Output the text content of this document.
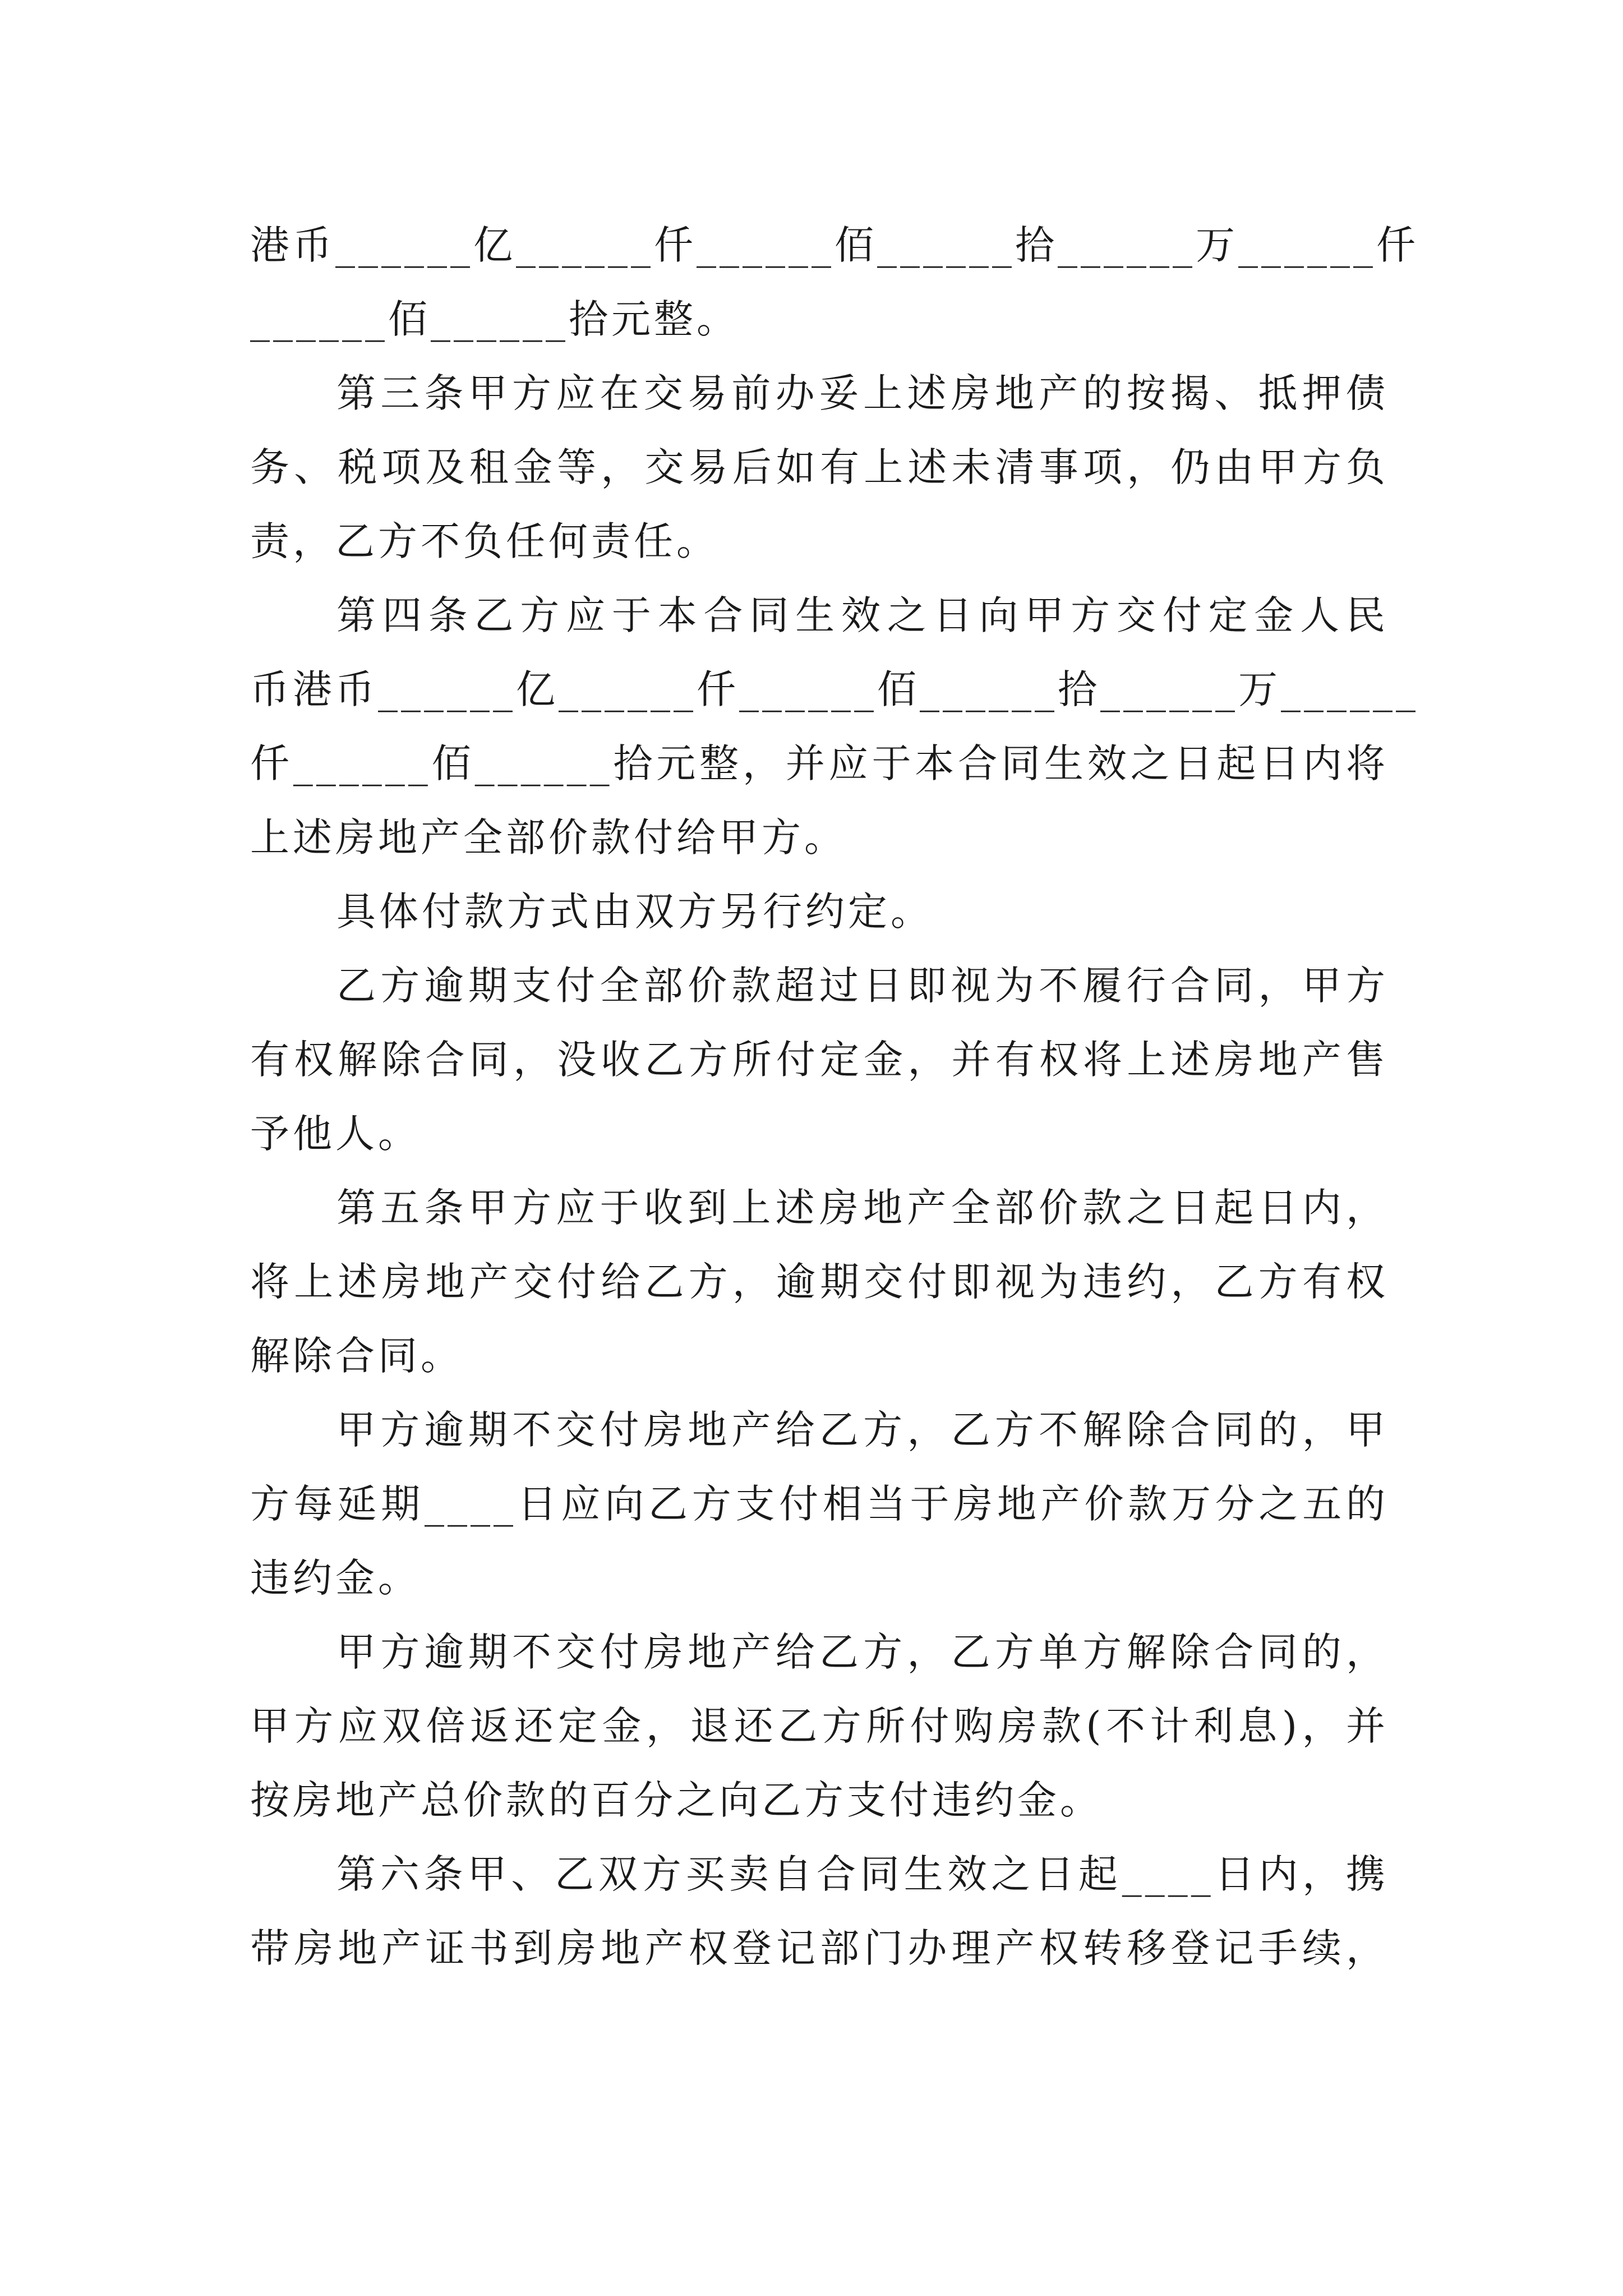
港币______亿______仟______佰______拾______万______仟
______佰______拾元整。
第三条甲方应在交易前办妥上述房地产的按揭、抵押债
务、税项及租金等，交易后如有上述未清事项，仍由甲方负
责，乙方不负任何责任。
第四条乙方应于本合同生效之日向甲方交付定金人民
币港币______亿______仟______佰______拾______万______
仟______佰______拾元整，并应于本合同生效之日起日内将
上述房地产全部价款付给甲方。
具体付款方式由双方另行约定。
乙方逾期支付全部价款超过日即视为不履行合同，甲方
有权解除合同，没收乙方所付定金，并有权将上述房地产售
予他人。
第五条甲方应于收到上述房地产全部价款之日起日内，
将上述房地产交付给乙方，逾期交付即视为违约，乙方有权
解除合同。
甲方逾期不交付房地产给乙方，乙方不解除合同的，甲
方每延期____日应向乙方支付相当于房地产价款万分之五的
违约金。
甲方逾期不交付房地产给乙方，乙方单方解除合同的，
甲方应双倍返还定金，退还乙方所付购房款(不计利息)，并
按房地产总价款的百分之向乙方支付违约金。
第六条甲、乙双方买卖自合同生效之日起____日内，携
带房地产证书到房地产权登记部门办理产权转移登记手续，
